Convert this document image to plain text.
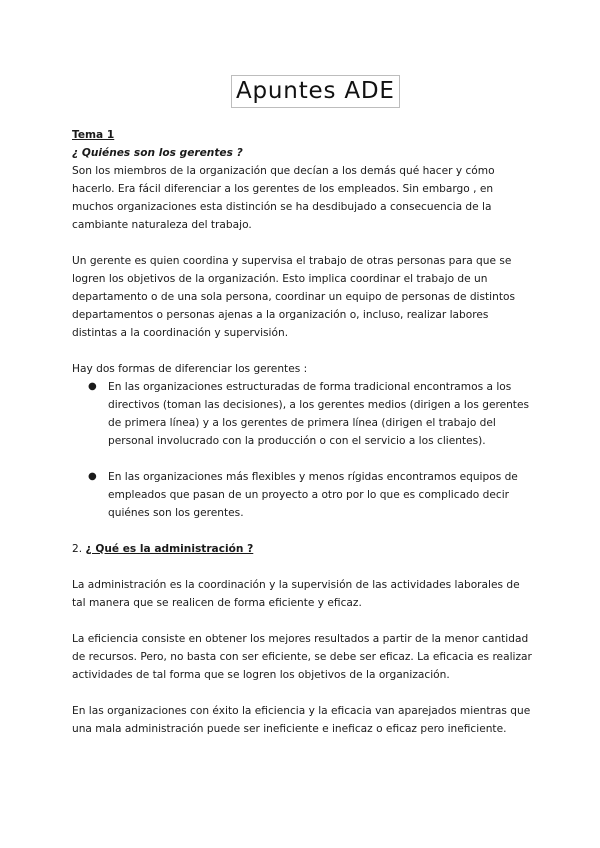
Apuntes ADE

Tema 1

¿ Quiénes son los gerentes ?

Son los miembros de la organización que decían a los demás qué hacer y cómo hacerlo. Era fácil diferenciar a los gerentes de los empleados. Sin embargo , en muchos organizaciones esta distinción se ha desdibujado a consecuencia de la cambiante naturaleza del trabajo.

Un gerente es quien coordina y supervisa el trabajo de otras personas para que se logren los objetivos de la organización. Esto implica coordinar el trabajo de un departamento o de una sola persona, coordinar un equipo de personas de distintos departamentos o personas ajenas a la organización o, incluso, realizar labores distintas a la coordinación y supervisión.

Hay dos formas de diferenciar los gerentes :

● En las organizaciones estructuradas de forma tradicional encontramos a los directivos (toman las decisiones), a los gerentes medios (dirigen a los gerentes de primera línea) y a los gerentes de primera línea (dirigen el trabajo del personal involucrado con la producción o con el servicio a los clientes).
● En las organizaciones más flexibles y menos rígidas encontramos equipos de empleados que pasan de un proyecto a otro por lo que es complicado decir quiénes son los gerentes.

2. ¿ Qué es la administración ?

La administración es la coordinación y la supervisión de las actividades laborales de tal manera que se realicen de forma eficiente y eficaz.

La eficiencia consiste en obtener los mejores resultados a partir de la menor cantidad de recursos. Pero, no basta con ser eficiente, se debe ser eficaz. La eficacia es realizar actividades de tal forma que se logren los objetivos de la organización.

En las organizaciones con éxito la eficiencia y la eficacia van aparejados mientras que una mala administración puede ser ineficiente e ineficaz o eficaz pero ineficiente.
